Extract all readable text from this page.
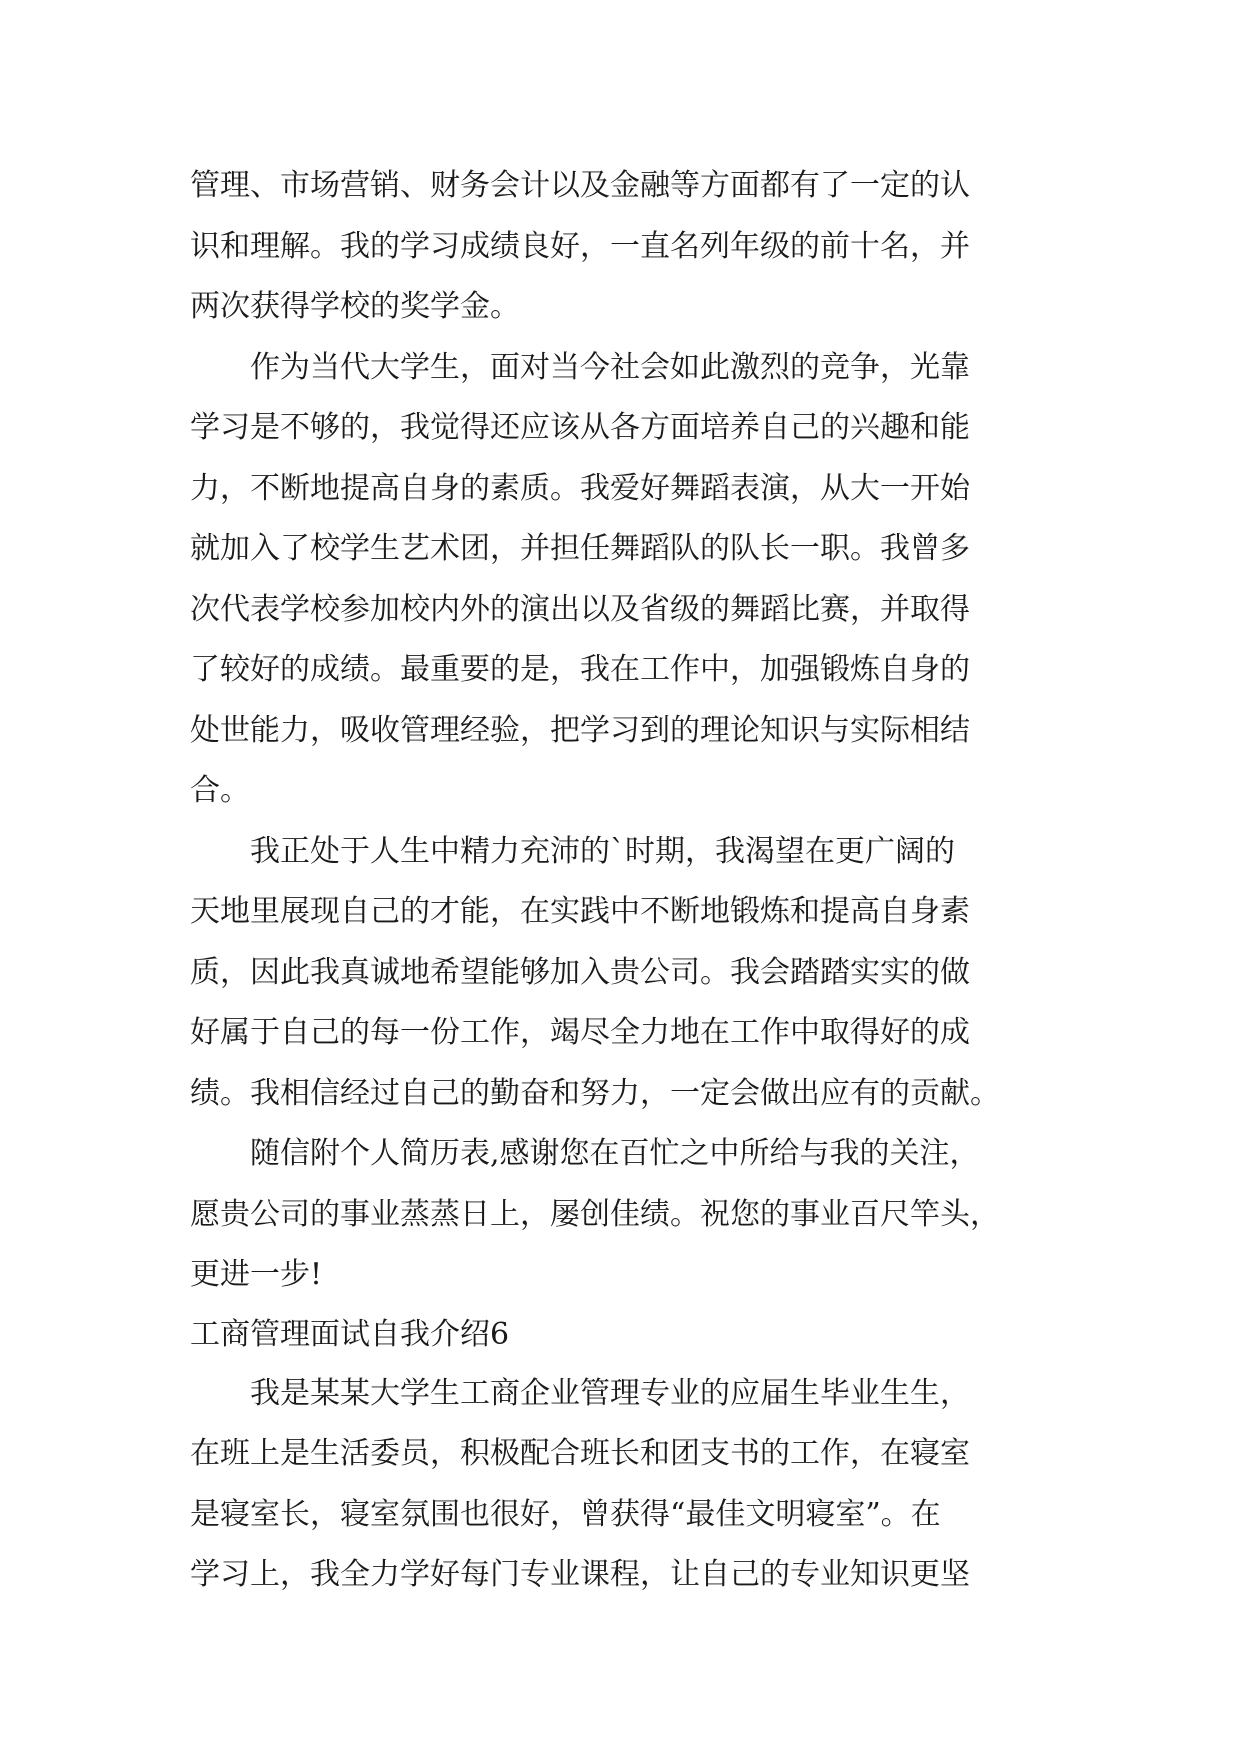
管理、市场营销、财务会计以及金融等方面都有了一定的认
识和理解。我的学习成绩良好，一直名列年级的前十名，并
两次获得学校的奖学金。
　　作为当代大学生，面对当今社会如此激烈的竞争，光靠
学习是不够的，我觉得还应该从各方面培养自己的兴趣和能
力，不断地提高自身的素质。我爱好舞蹈表演，从大一开始
就加入了校学生艺术团，并担任舞蹈队的队长一职。我曾多
次代表学校参加校内外的演出以及省级的舞蹈比赛，并取得
了较好的成绩。最重要的是，我在工作中，加强锻炼自身的
处世能力，吸收管理经验，把学习到的理论知识与实际相结
合。
　　我正处于人生中精力充沛的`时期，我渴望在更广阔的
天地里展现自己的才能，在实践中不断地锻炼和提高自身素
质，因此我真诚地希望能够加入贵公司。我会踏踏实实的做
好属于自己的每一份工作，竭尽全力地在工作中取得好的成
绩。我相信经过自己的勤奋和努力，一定会做出应有的贡献。
　　随信附个人简历表,感谢您在百忙之中所给与我的关注，
愿贵公司的事业蒸蒸日上，屡创佳绩。祝您的事业百尺竿头，
更进一步!
工商管理面试自我介绍6
　　我是某某大学生工商企业管理专业的应届生毕业生生，
在班上是生活委员，积极配合班长和团支书的工作，在寝室
是寝室长，寝室氛围也很好，曾获得“最佳文明寝室”。在
学习上，我全力学好每门专业课程，让自己的专业知识更坚
